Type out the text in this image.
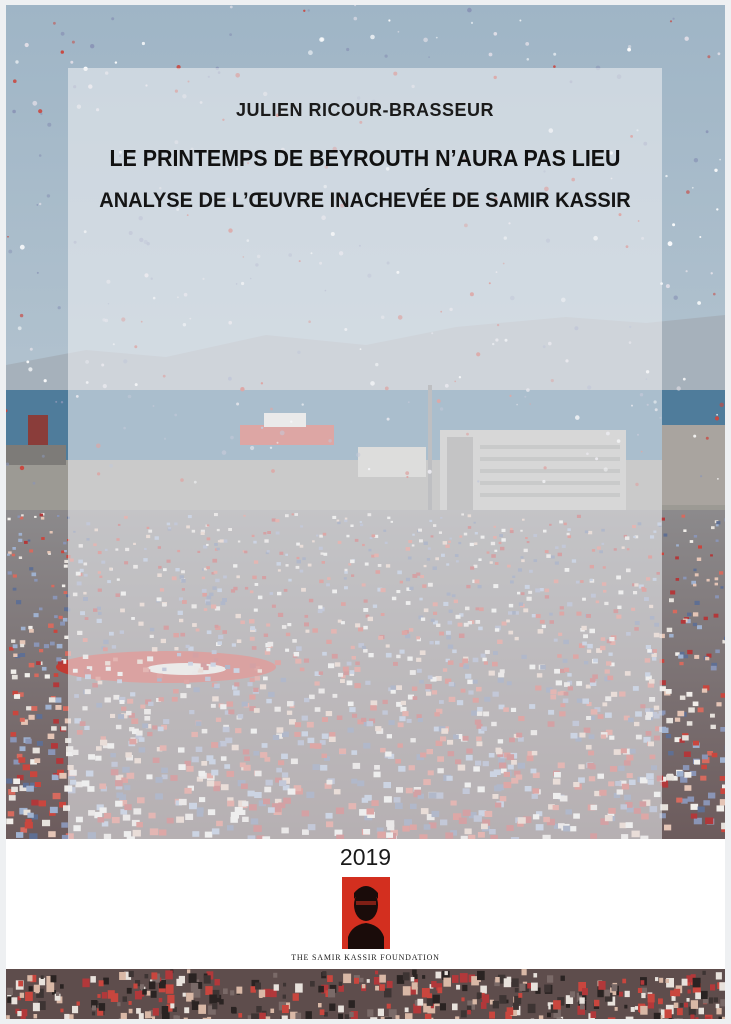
JULIEN RICOUR-BRASSEUR

LE PRINTEMPS DE BEYROUTH N’AURA PAS LIEU
ANALYSE DE L’ŒUVRE INACHEVÉE DE SAMIR KASSIR

2019

THE SAMIR KASSIR FOUNDATION
